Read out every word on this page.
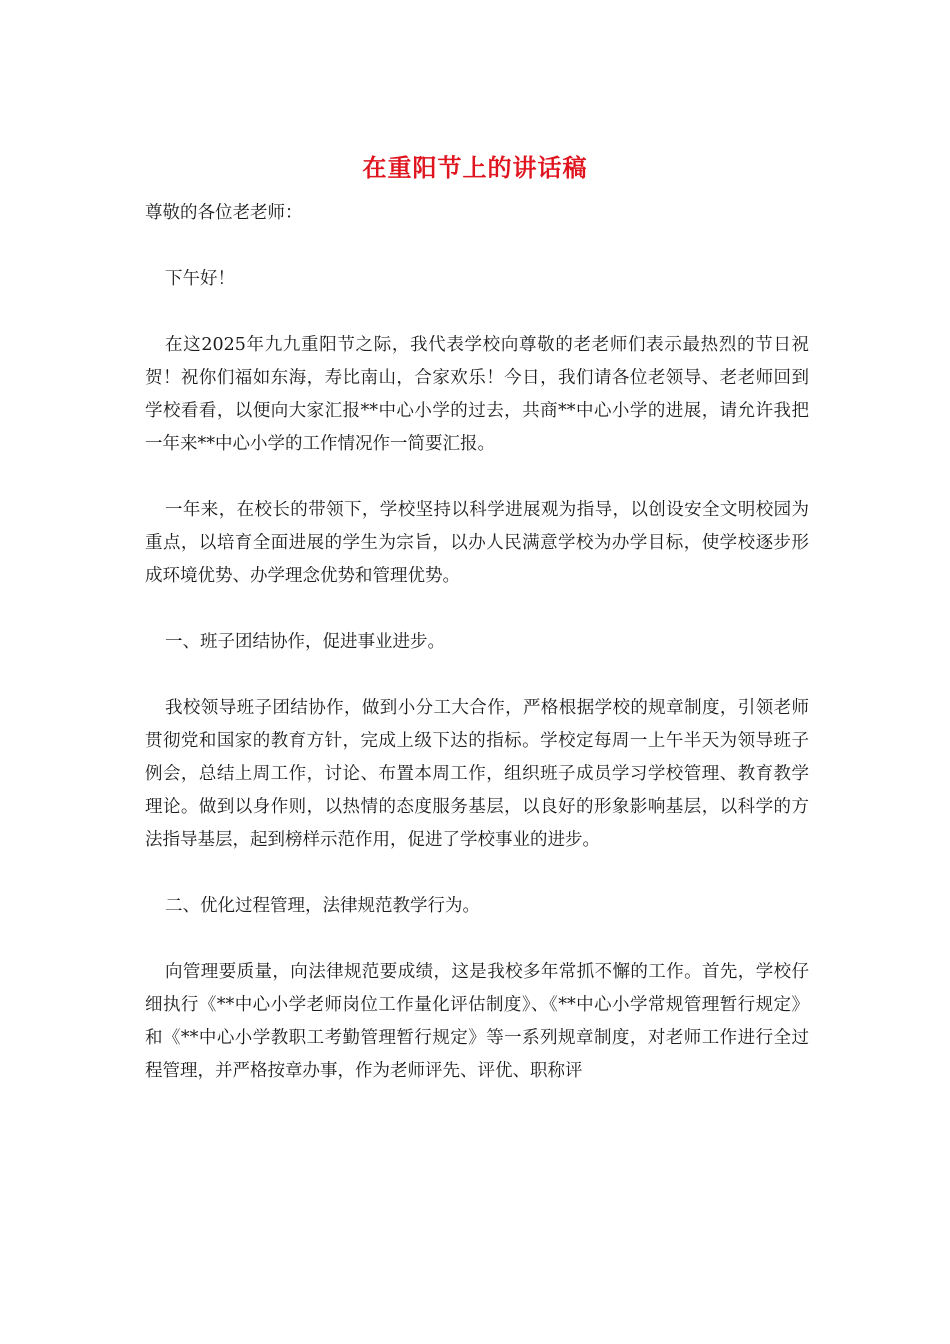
在重阳节上的讲话稿

尊敬的各位老老师：

下午好！

在这2025年九九重阳节之际，我代表学校向尊敬的老老师们表示最热烈的节日祝贺！祝你们福如东海，寿比南山，合家欢乐！今日，我们请各位老领导、老老师回到学校看看，以便向大家汇报**中心小学的过去，共商**中心小学的进展，请允许我把一年来**中心小学的工作情况作一简要汇报。

一年来，在校长的带领下，学校坚持以科学进展观为指导，以创设安全文明校园为重点，以培育全面进展的学生为宗旨，以办人民满意学校为办学目标，使学校逐步形成环境优势、办学理念优势和管理优势。

一、班子团结协作，促进事业进步。

我校领导班子团结协作，做到小分工大合作，严格根据学校的规章制度，引领老师贯彻党和国家的教育方针，完成上级下达的指标。学校定每周一上午半天为领导班子例会，总结上周工作，讨论、布置本周工作，组织班子成员学习学校管理、教育教学理论。做到以身作则，以热情的态度服务基层，以良好的形象影响基层，以科学的方法指导基层，起到榜样示范作用，促进了学校事业的进步。

二、优化过程管理，法律规范教学行为。

向管理要质量，向法律规范要成绩，这是我校多年常抓不懈的工作。首先，学校仔细执行《**中心小学老师岗位工作量化评估制度》、《**中心小学常规管理暂行规定》和《**中心小学教职工考勤管理暂行规定》等一系列规章制度，对老师工作进行全过程管理，并严格按章办事，作为老师评先、评优、职称评
